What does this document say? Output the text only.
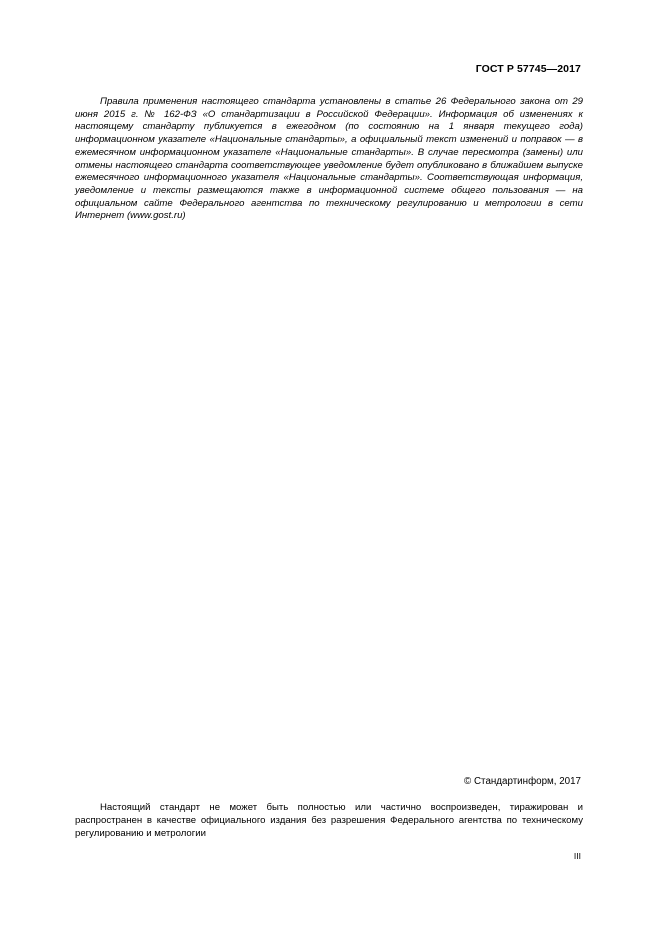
ГОСТ Р 57745—2017

Правила применения настоящего стандарта установлены в статье 26 Федерального закона от 29 июня 2015 г. № 162-ФЗ «О стандартизации в Российской Федерации». Информация об изменениях к настоящему стандарту публикуется в ежегодном (по состоянию на 1 января текущего года) информационном указателе «Национальные стандарты», а официальный текст изменений и поправок — в ежемесячном информационном указателе «Национальные стандарты». В случае пересмотра (замены) или отмены настоящего стандарта соответствующее уведомление будет опубликовано в ближайшем выпуске ежемесячного информационного указателя «Национальные стандарты». Соответствующая информация, уведомление и тексты размещаются также в информационной системе общего пользования — на официальном сайте Федерального агентства по техническому регулированию и метрологии в сети Интернет (www.gost.ru)

© Стандартинформ, 2017

Настоящий стандарт не может быть полностью или частично воспроизведен, тиражирован и распространен в качестве официального издания без разрешения Федерального агентства по техническому регулированию и метрологии

III
